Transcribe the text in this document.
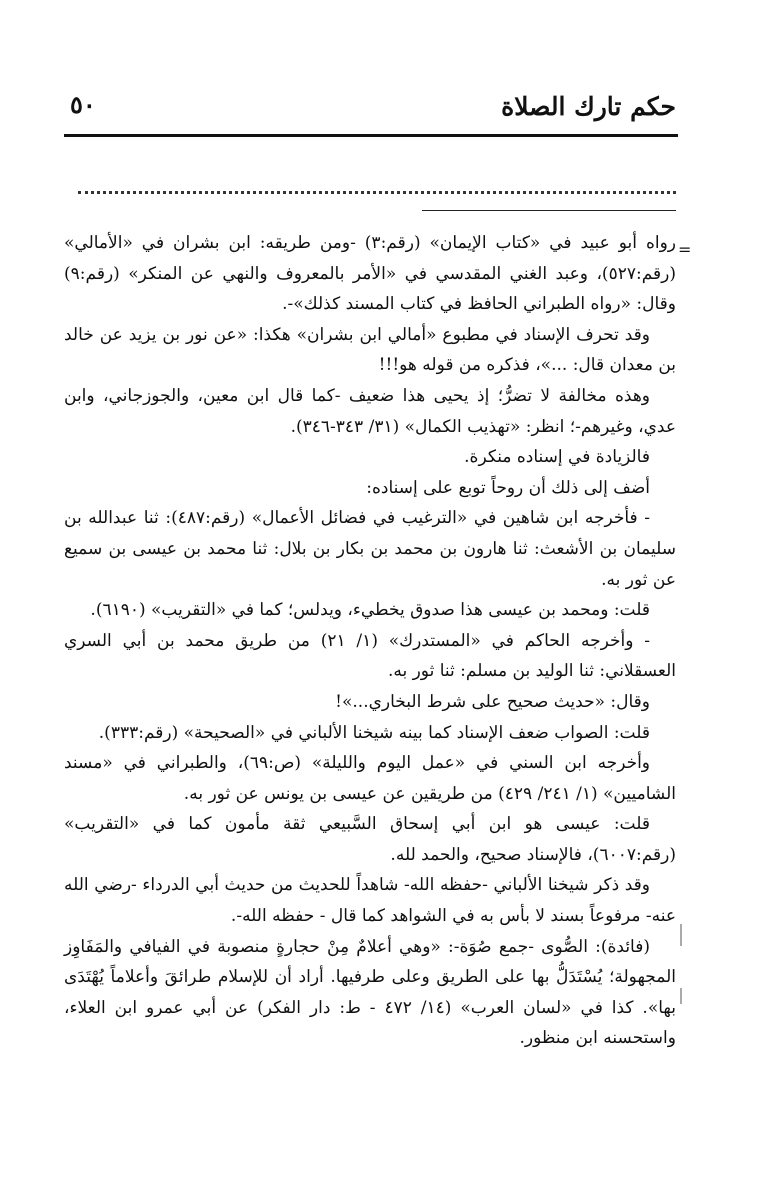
حكم تارك الصلاة
٥٠
=

رواه أبو عبيد في «كتاب الإيمان» (رقم:٣) -ومن طريقه: ابن بشران في «الأمالي» (رقم:٥٢٧)، وعبد الغني المقدسي في «الأمر بالمعروف والنهي عن المنكر» (رقم:٩) وقال: «رواه الطبراني الحافظ في كتاب المسند كذلك»-.

وقد تحرف الإسناد في مطبوع «أمالي ابن بشران» هكذا: «عن نور بن يزيد عن خالد بن معدان قال: ...»، فذكره من قوله هو!!!

وهذه مخالفة لا تضرُّ؛ إذ يحيى هذا ضعيف -كما قال ابن معين، والجوزجاني، وابن عدي، وغيرهم-؛ انظر: «تهذيب الكمال» (٣١/ ٣٤٣-٣٤٦).

فالزيادة في إسناده منكرة.

أضف إلى ذلك أن روحاً توبع على إسناده:

- فأخرجه ابن شاهين في «الترغيب في فضائل الأعمال» (رقم:٤٨٧): ثنا عبدالله بن سليمان بن الأشعث: ثنا هارون بن محمد بن بكار بن بلال: ثنا محمد بن عيسى بن سميع عن ثور به.

قلت: ومحمد بن عيسى هذا صدوق يخطيء، ويدلس؛ كما في «التقريب» (٦١٩٠).

- وأخرجه الحاكم في «المستدرك» (١/ ٢١) من طريق محمد بن أبي السري العسقلاني: ثنا الوليد بن مسلم: ثنا ثور به.

وقال: «حديث صحيح على شرط البخاري...»!

قلت: الصواب ضعف الإسناد كما بينه شيخنا الألباني في «الصحيحة» (رقم:٣٣٣).

وأخرجه ابن السني في «عمل اليوم والليلة» (ص:٦٩)، والطبراني في «مسند الشاميين» (١/ ٢٤١/ ٤٢٩) من طريقين عن عيسى بن يونس عن ثور به.

قلت: عيسى هو ابن أبي إسحاق السَّبيعي ثقة مأمون كما في «التقريب» (رقم:٦٠٠٧)، فالإسناد صحيح، والحمد لله.

وقد ذكر شيخنا الألباني -حفظه الله- شاهداً للحديث من حديث أبي الدرداء -رضي الله عنه- مرفوعاً بسند لا بأس به في الشواهد كما قال - حفظه الله-.

(فائدة): الصُّوى -جمع صُوَة-: «وهي أعلامٌ مِنْ حجارةٍ منصوبة في الفيافي والمَفَاوِز المجهولة؛ يُسْتَدَلُّ بها على الطريق وعلى طرفيها. أراد أن للإسلام طرائقَ وأعلاماً يُهْتَدَى بها». كذا في «لسان العرب» (١٤/ ٤٧٢ - ط: دار الفكر) عن أبي عمرو ابن العلاء، واستحسنه ابن منظور.
